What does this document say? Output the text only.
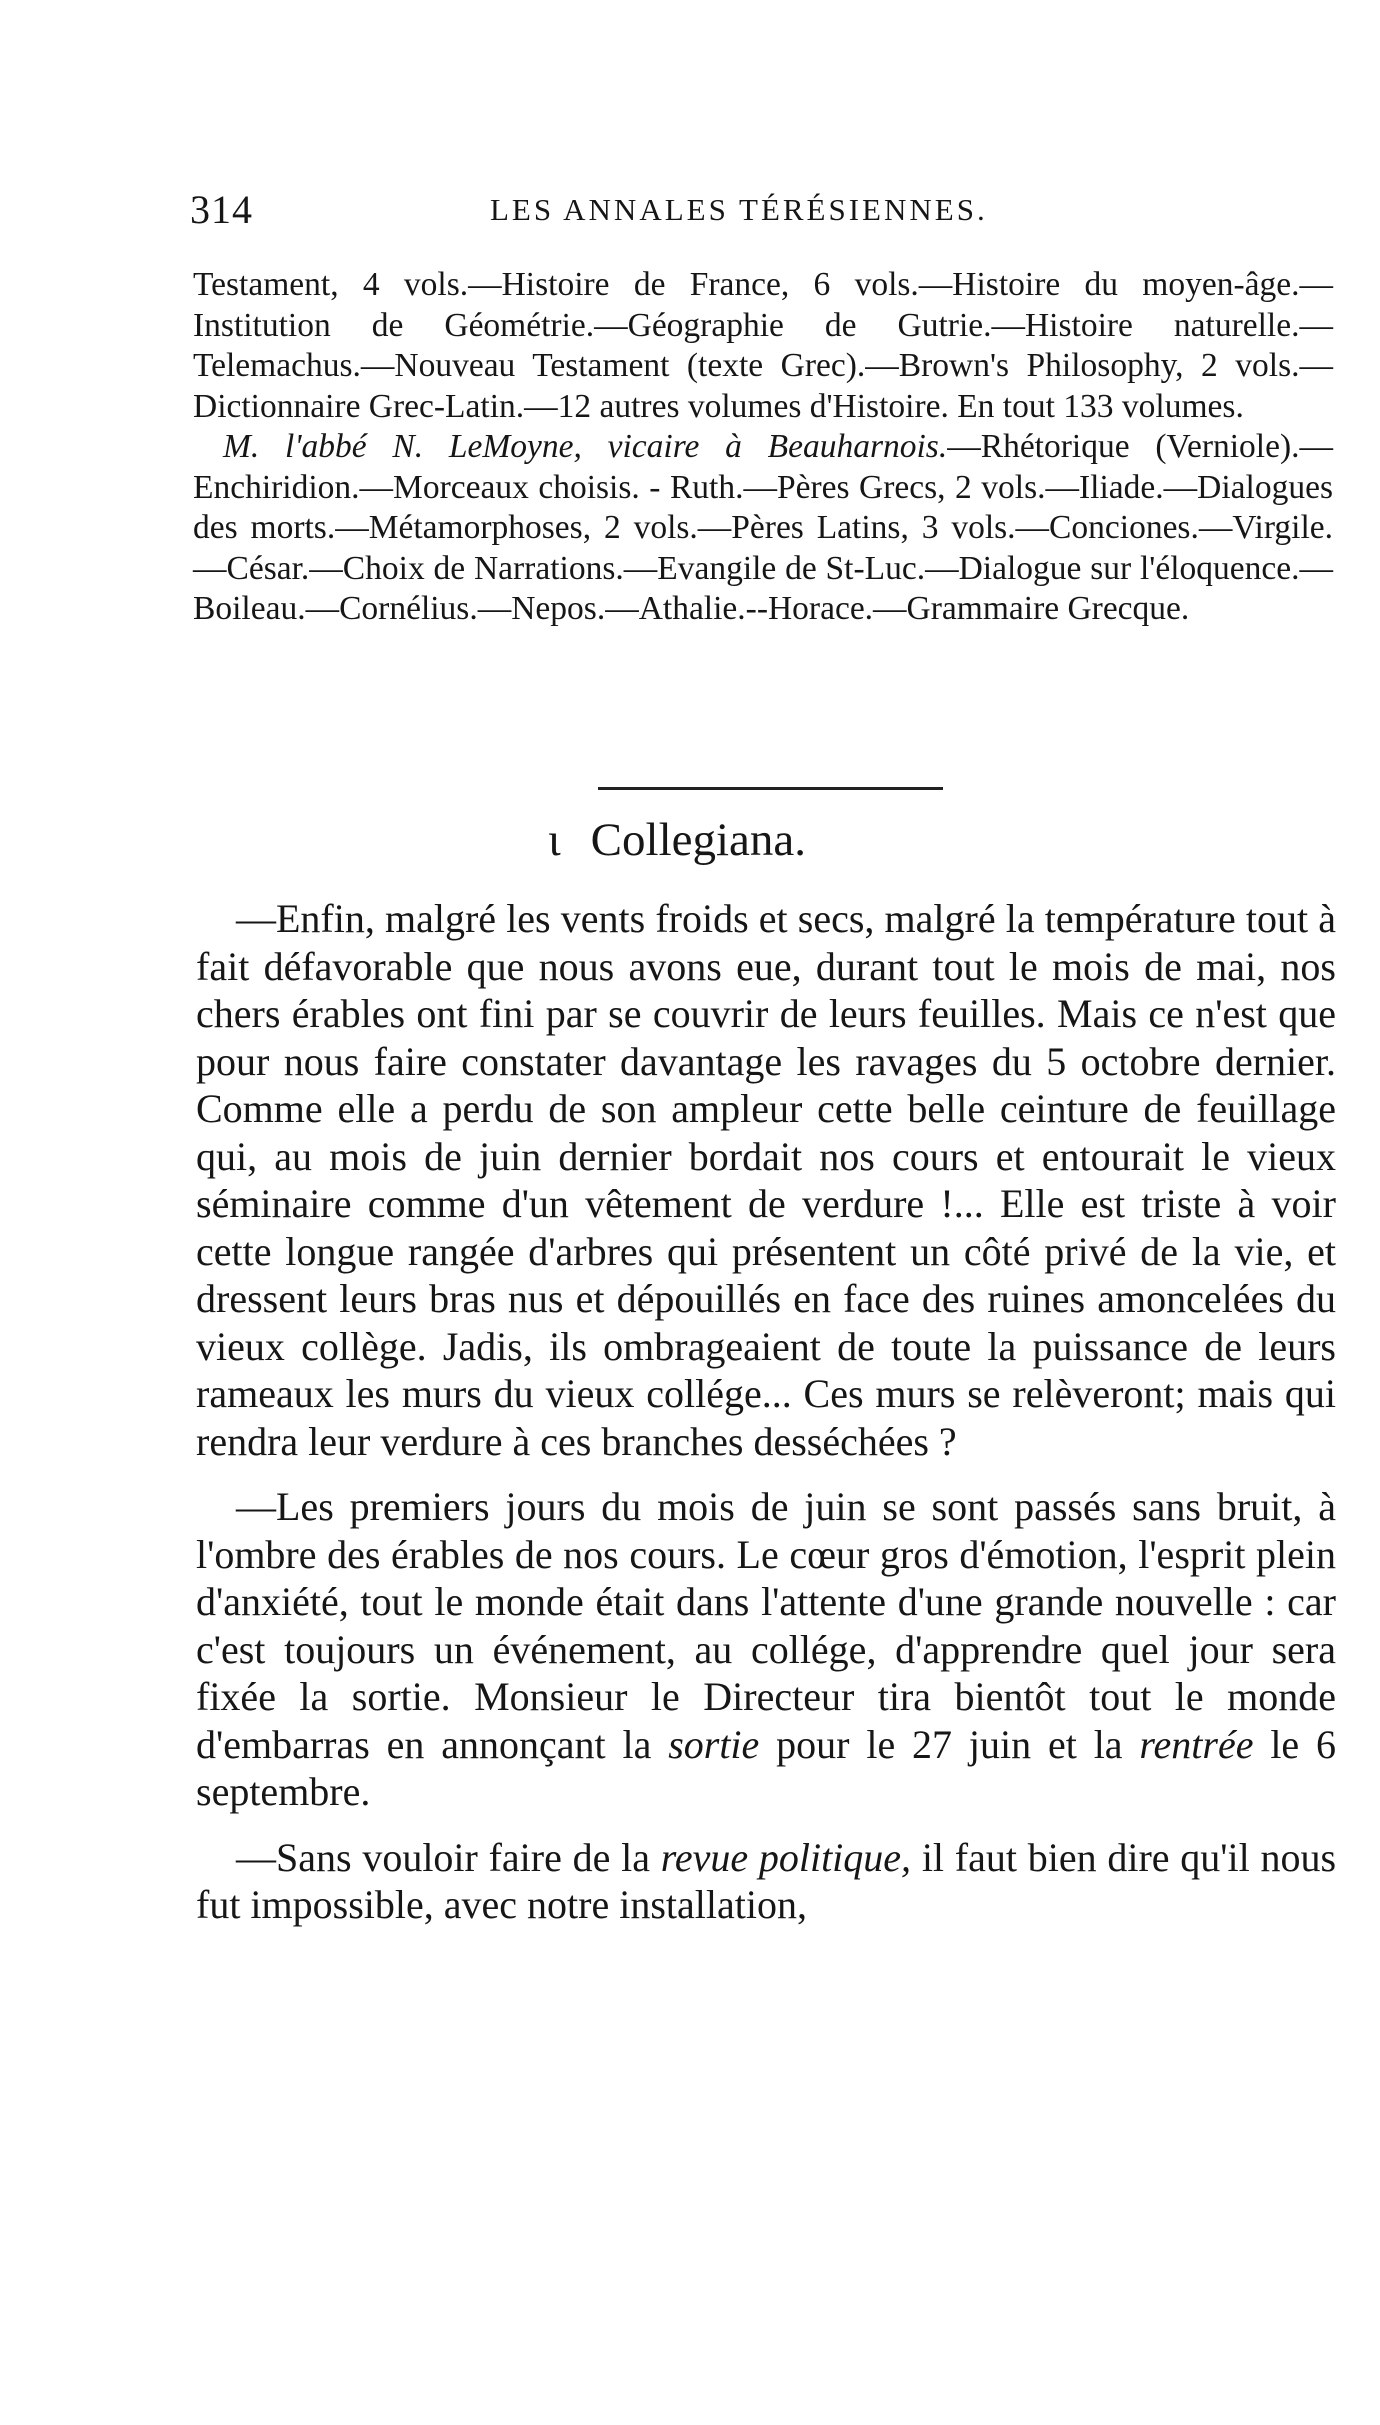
314	LES ANNALES TÉRÉSIENNES.

Testament, 4 vols.—Histoire de France, 6 vols.—Histoire du moyen-âge.—Institution de Géométrie.—Géographie de Gutrie.—Histoire naturelle.—Telemachus.—Nouveau Testament (texte Grec).—Brown's Philosophy, 2 vols.—Dictionnaire Grec-Latin.—12 autres volumes d'Histoire. En tout 133 volumes.

M. l'abbé N. LeMoyne, vicaire à Beauharnois.—Rhétorique (Verniole).—Enchiridion.—Morceaux choisis. - Ruth.—Pères Grecs, 2 vols.—Iliade.—Dialogues des morts.—Métamorphoses, 2 vols.—Pères Latins, 3 vols.—Conciones.—Virgile.—César.—Choix de Narrations.—Evangile de St-Luc.—Dialogue sur l'éloquence.—Boileau.—Cornélius.—Nepos.—Athalie.--Horace.—Grammaire Grecque.

ι Collegiana.

—Enfin, malgré les vents froids et secs, malgré la température tout à fait défavorable que nous avons eue, durant tout le mois de mai, nos chers érables ont fini par se couvrir de leurs feuilles. Mais ce n'est que pour nous faire constater davantage les ravages du 5 octobre dernier. Comme elle a perdu de son ampleur cette belle ceinture de feuillage qui, au mois de juin dernier bordait nos cours et entourait le vieux séminaire comme d'un vêtement de verdure !... Elle est triste à voir cette longue rangée d'arbres qui présentent un côté privé de la vie, et dressent leurs bras nus et dépouillés en face des ruines amoncelées du vieux collège. Jadis, ils ombrageaient de toute la puissance de leurs rameaux les murs du vieux collége... Ces murs se relèveront; mais qui rendra leur verdure à ces branches desséchées ?

—Les premiers jours du mois de juin se sont passés sans bruit, à l'ombre des érables de nos cours. Le cœur gros d'émotion, l'esprit plein d'anxiété, tout le monde était dans l'attente d'une grande nouvelle : car c'est toujours un événement, au collége, d'apprendre quel jour sera fixée la sortie. Monsieur le Directeur tira bientôt tout le monde d'embarras en annonçant la sortie pour le 27 juin et la rentrée le 6 septembre.

—Sans vouloir faire de la revue politique, il faut bien dire qu'il nous fut impossible, avec notre installation,
